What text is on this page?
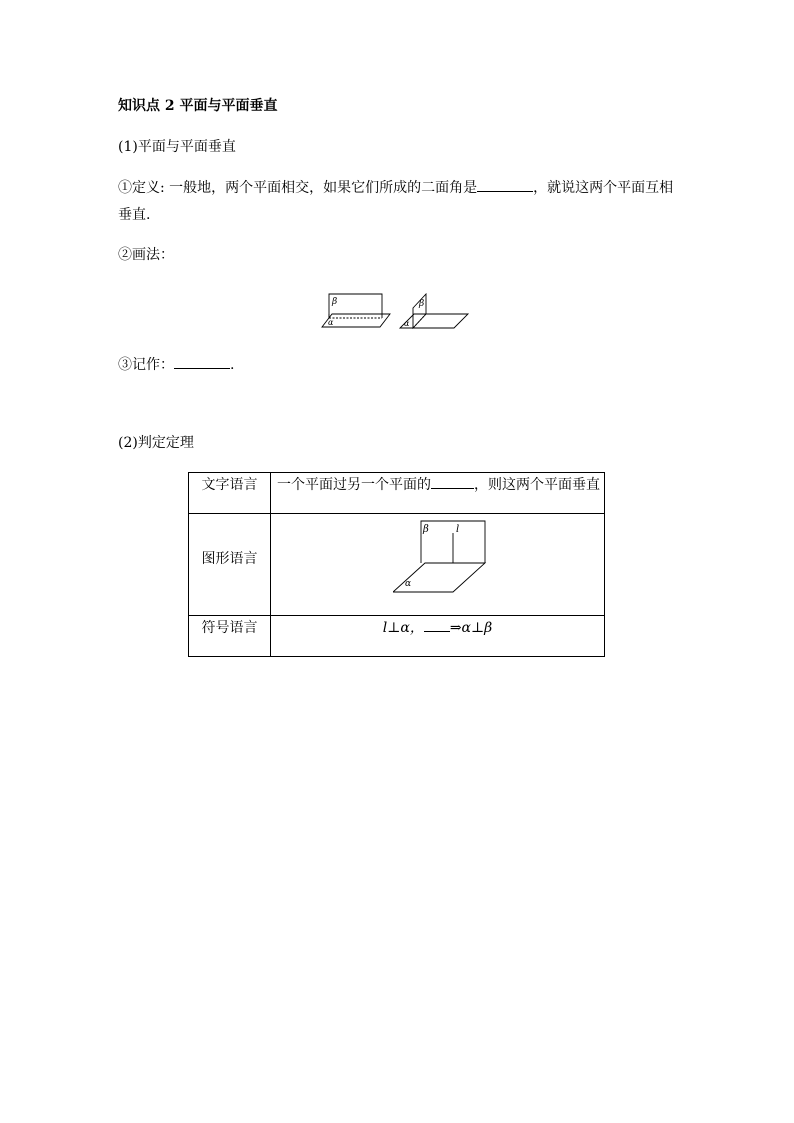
知识点 2 平面与平面垂直
(1)平面与平面垂直
①定义: 一般地，两个平面相交，如果它们所成的二面角是	，就说这两个平面互相
垂直.
②画法：
β
α
β
α
③记作：	.
(2)判定定理
文字语言	一个平面过另一个平面的 ，则这两个平面垂直

图形语言	β l
α

符号语言	l⊥α， ⇒α⊥β
